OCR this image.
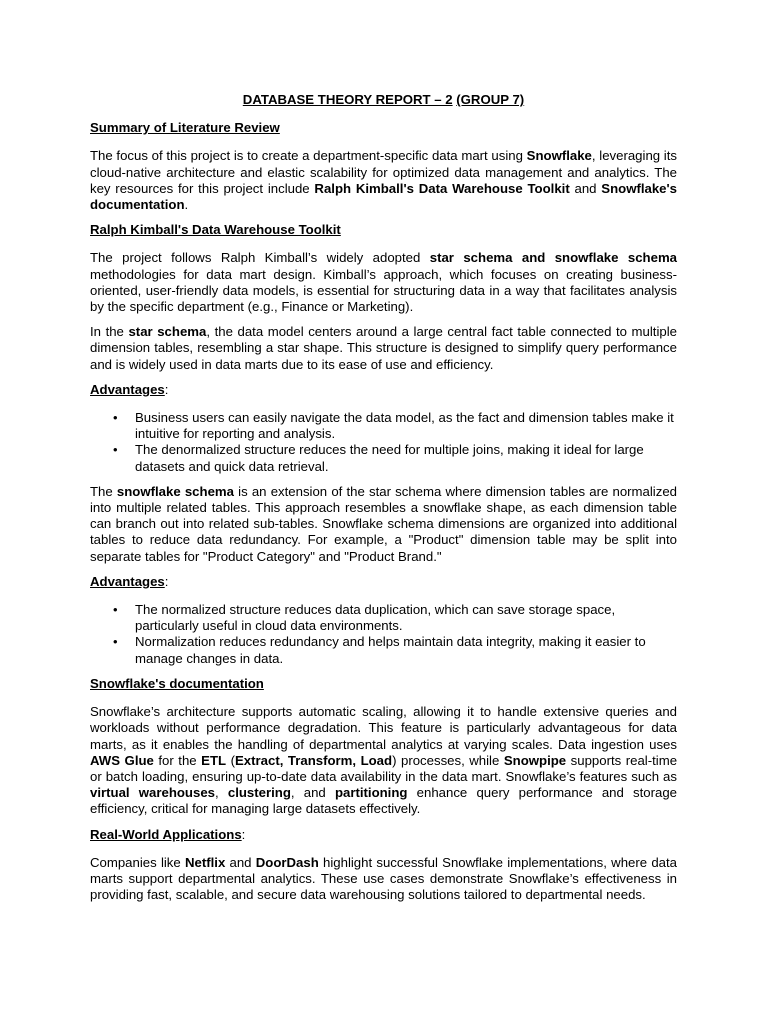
DATABASE THEORY REPORT – 2 (GROUP 7)
Summary of Literature Review

The focus of this project is to create a department-specific data mart using Snowflake, leveraging its cloud-native architecture and elastic scalability for optimized data management and analytics. The key resources for this project include Ralph Kimball's Data Warehouse Toolkit and Snowflake's documentation.

Ralph Kimball's Data Warehouse Toolkit

The project follows Ralph Kimball’s widely adopted star schema and snowflake schema methodologies for data mart design. Kimball’s approach, which focuses on creating business-oriented, user-friendly data models, is essential for structuring data in a way that facilitates analysis by the specific department (e.g., Finance or Marketing).

In the star schema, the data model centers around a large central fact table connected to multiple dimension tables, resembling a star shape. This structure is designed to simplify query performance and is widely used in data marts due to its ease of use and efficiency.

Advantages:
• Business users can easily navigate the data model, as the fact and dimension tables make it intuitive for reporting and analysis.
• The denormalized structure reduces the need for multiple joins, making it ideal for large datasets and quick data retrieval.

The snowflake schema is an extension of the star schema where dimension tables are normalized into multiple related tables. This approach resembles a snowflake shape, as each dimension table can branch out into related sub-tables. Snowflake schema dimensions are organized into additional tables to reduce data redundancy. For example, a "Product" dimension table may be split into separate tables for "Product Category" and "Product Brand."

Advantages:
• The normalized structure reduces data duplication, which can save storage space, particularly useful in cloud data environments.
• Normalization reduces redundancy and helps maintain data integrity, making it easier to manage changes in data.
Snowflake's documentation

Snowflake’s architecture supports automatic scaling, allowing it to handle extensive queries and workloads without performance degradation. This feature is particularly advantageous for data marts, as it enables the handling of departmental analytics at varying scales. Data ingestion uses AWS Glue for the ETL (Extract, Transform, Load) processes, while Snowpipe supports real-time or batch loading, ensuring up-to-date data availability in the data mart. Snowflake’s features such as virtual warehouses, clustering, and partitioning enhance query performance and storage efficiency, critical for managing large datasets effectively.

Real-World Applications:

Companies like Netflix and DoorDash highlight successful Snowflake implementations, where data marts support departmental analytics. These use cases demonstrate Snowflake’s effectiveness in providing fast, scalable, and secure data warehousing solutions tailored to departmental needs.
